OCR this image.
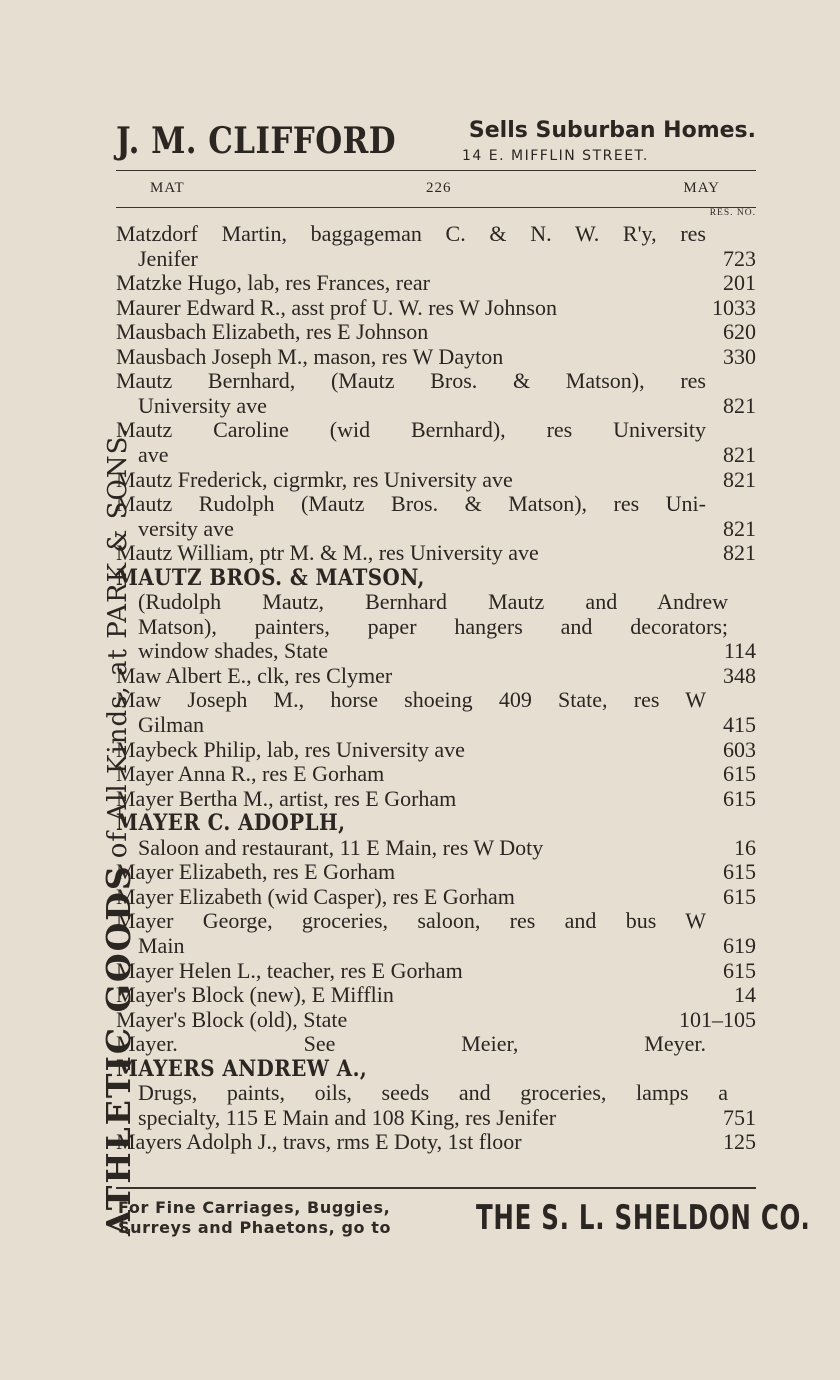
ATHLETIC GOODS
of All Kinds, at PARK & SONS.
J. M. CLIFFORD	Sells Suburban Homes.
14 E. MIFFLIN STREET.
MAT	226	MAY
RES. NO.
Matzdorf Martin, baggageman C. & N. W. R'y, res
Jenifer	723
Matzke Hugo, lab, res Frances, rear	201
Maurer Edward R., asst prof U. W. res W Johnson	1033
Mausbach Elizabeth, res E Johnson	620
Mausbach Joseph M., mason, res W Dayton	330
Mautz Bernhard, (Mautz Bros. & Matson), res
University ave	821
Mautz Caroline (wid Bernhard), res University
ave	821
Mautz Frederick, cigrmkr, res University ave	821
Mautz Rudolph (Mautz Bros. & Matson), res Uni-
versity ave	821
Mautz William, ptr M. & M., res University ave	821
MAUTZ BROS. & MATSON,
(Rudolph Mautz, Bernhard Mautz and Andrew
Matson), painters, paper hangers and decorators;
window shades, State	114
Maw Albert E., clk, res Clymer	348
Maw Joseph M., horse shoeing 409 State, res W
Gilman	415
Maybeck Philip, lab, res University ave	603
Mayer Anna R., res E Gorham	615
Mayer Bertha M., artist, res E Gorham	615
MAYER C. ADOPLH,
Saloon and restaurant, 11 E Main, res W Doty	16
Mayer Elizabeth, res E Gorham	615
Mayer Elizabeth (wid Casper), res E Gorham	615
Mayer George, groceries, saloon, res and bus W
Main	619
Mayer Helen L., teacher, res E Gorham	615
Mayer's Block (new), E Mifflin	14
Mayer's Block (old), State	101–105
Mayer. See Meier, Meyer.
MAYERS ANDREW A.,
Drugs, paints, oils, seeds and groceries, lamps a
specialty, 115 E Main and 108 King, res Jenifer	751
Mayers Adolph J., travs, rms E Doty, 1st floor	125
For Fine Carriages, Buggies,
Surreys and Phaetons, go to THE S. L. SHELDON CO.
